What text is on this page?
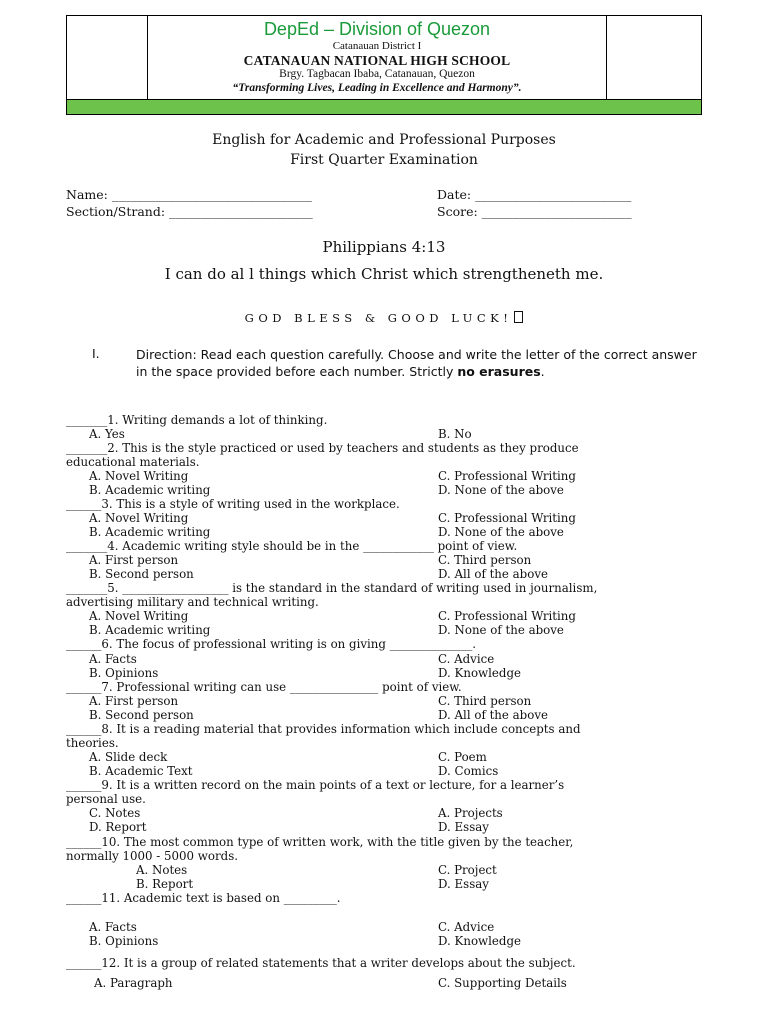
DepEd – Division of Quezon
Catanauan District I
CATANAUAN NATIONAL HIGH SCHOOL
Brgy. Tagbacan Ibaba, Catanauan, Quezon
“Transforming Lives, Leading in Excellence and Harmony”.
English for Academic and Professional Purposes
First Quarter Examination
Name: ________________________________	Date: _________________________
Section/Strand: _______________________	Score: ________________________
Philippians 4:13
I can do al l things which Christ which strengtheneth me.
GOD BLESS & GOOD LUCK!
I.	Direction: Read each question carefully. Choose and write the letter of the correct answer in the space provided before each number. Strictly no erasures.
_______1. Writing demands a lot of thinking.
A. Yes	B. No
_______2. This is the style practiced or used by teachers and students as they produce
educational materials.
A. Novel Writing	C. Professional Writing
B. Academic writing	D. None of the above
______3. This is a style of writing used in the workplace.
A. Novel Writing	C. Professional Writing
B. Academic writing	D. None of the above
_______4. Academic writing style should be in the ____________ point of view.
A. First person	C. Third person
B. Second person	D. All of the above
_______5. __________________ is the standard in the standard of writing used in journalism,
advertising military and technical writing.
A. Novel Writing	C. Professional Writing
B. Academic writing	D. None of the above
______6. The focus of professional writing is on giving ______________.
A. Facts	C. Advice
B. Opinions	D. Knowledge
______7. Professional writing can use _______________ point of view.
A. First person	C. Third person
B. Second person	D. All of the above
______8. It is a reading material that provides information which include concepts and
theories.
A. Slide deck	C. Poem
B. Academic Text	D. Comics
______9. It is a written record on the main points of a text or lecture, for a learner’s
personal use.
C. Notes	A. Projects
D. Report	D. Essay
______10. The most common type of written work, with the title given by the teacher,
normally 1000 - 5000 words.
A. Notes	C. Project
B. Report	D. Essay
______11. Academic text is based on _________.
A. Facts	C. Advice
B. Opinions	D. Knowledge
______12. It is a group of related statements that a writer develops about the subject.
A. Paragraph	C. Supporting Details
